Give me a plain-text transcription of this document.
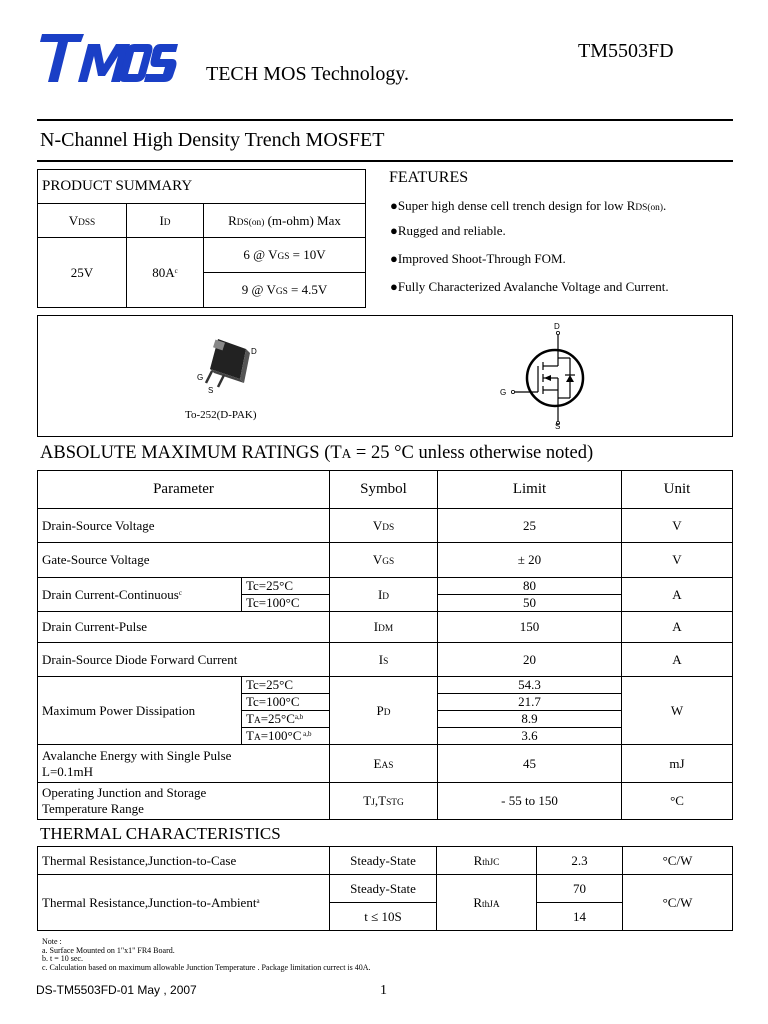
TECH MOS Technology.
TM5503FD
N-Channel High Density Trench MOSFET
PRODUCT SUMMARY		
VDSS	ID	RDS(on) (m-ohm) Max
25V	$80A^c$	6 @ VGS = 10V
		9 @ VGS = 4.5V
FEATURES
●Super high dense cell trench design for low RDS(on).
●Rugged and reliable.
●Improved Shoot-Through FOM.
●Fully Characterized Avalanche Voltage and Current.
D
G
S
To-252(D-PAK)
D
G
S
ABSOLUTE MAXIMUM RATINGS (TA = 25 °C unless otherwise noted)
Parameter		Symbol	Limit	Unit
Drain-Source Voltage		VDS	25	V
Gate-Source Voltage		VGS	± 20	V
Drain Current-Continuous$^c$	Tc=25°C	ID	80	A
	Tc=100°C		50	
Drain Current-Pulse		IDM	150	A
Drain-Source Diode Forward Current		IS	20	A
Maximum Power Dissipation	Tc=25°C	PD	54.3	W
	Tc=100°C		21.7	
	$TA=25^\circ C^{a,b}$		8.9	
	TA=100°C $^{a,b}$		3.6	
Avalanche Energy with Single Pulse
L=0.1mH		EAS	45	mJ
Operating Junction and Storage
Temperature Range		TJ,TSTG	- 55 to 150	°C
THERMAL CHARACTERISTICS
Thermal Resistance,Junction-to-Case	Steady-State	RthJC	2.3	°C/W
Thermal Resistance,Junction-to-Ambient$^a$	Steady-State	RthJA	70	°C/W
	t ≤ 10S		14	
Note :
a. Surface Mounted on 1"x1" FR4 Board.
b. t = 10 sec.
c. Calculation based on maximum allowable Junction Temperature . Package limitation currect is 40A.
DS-TM5503FD-01 May , 2007	1
